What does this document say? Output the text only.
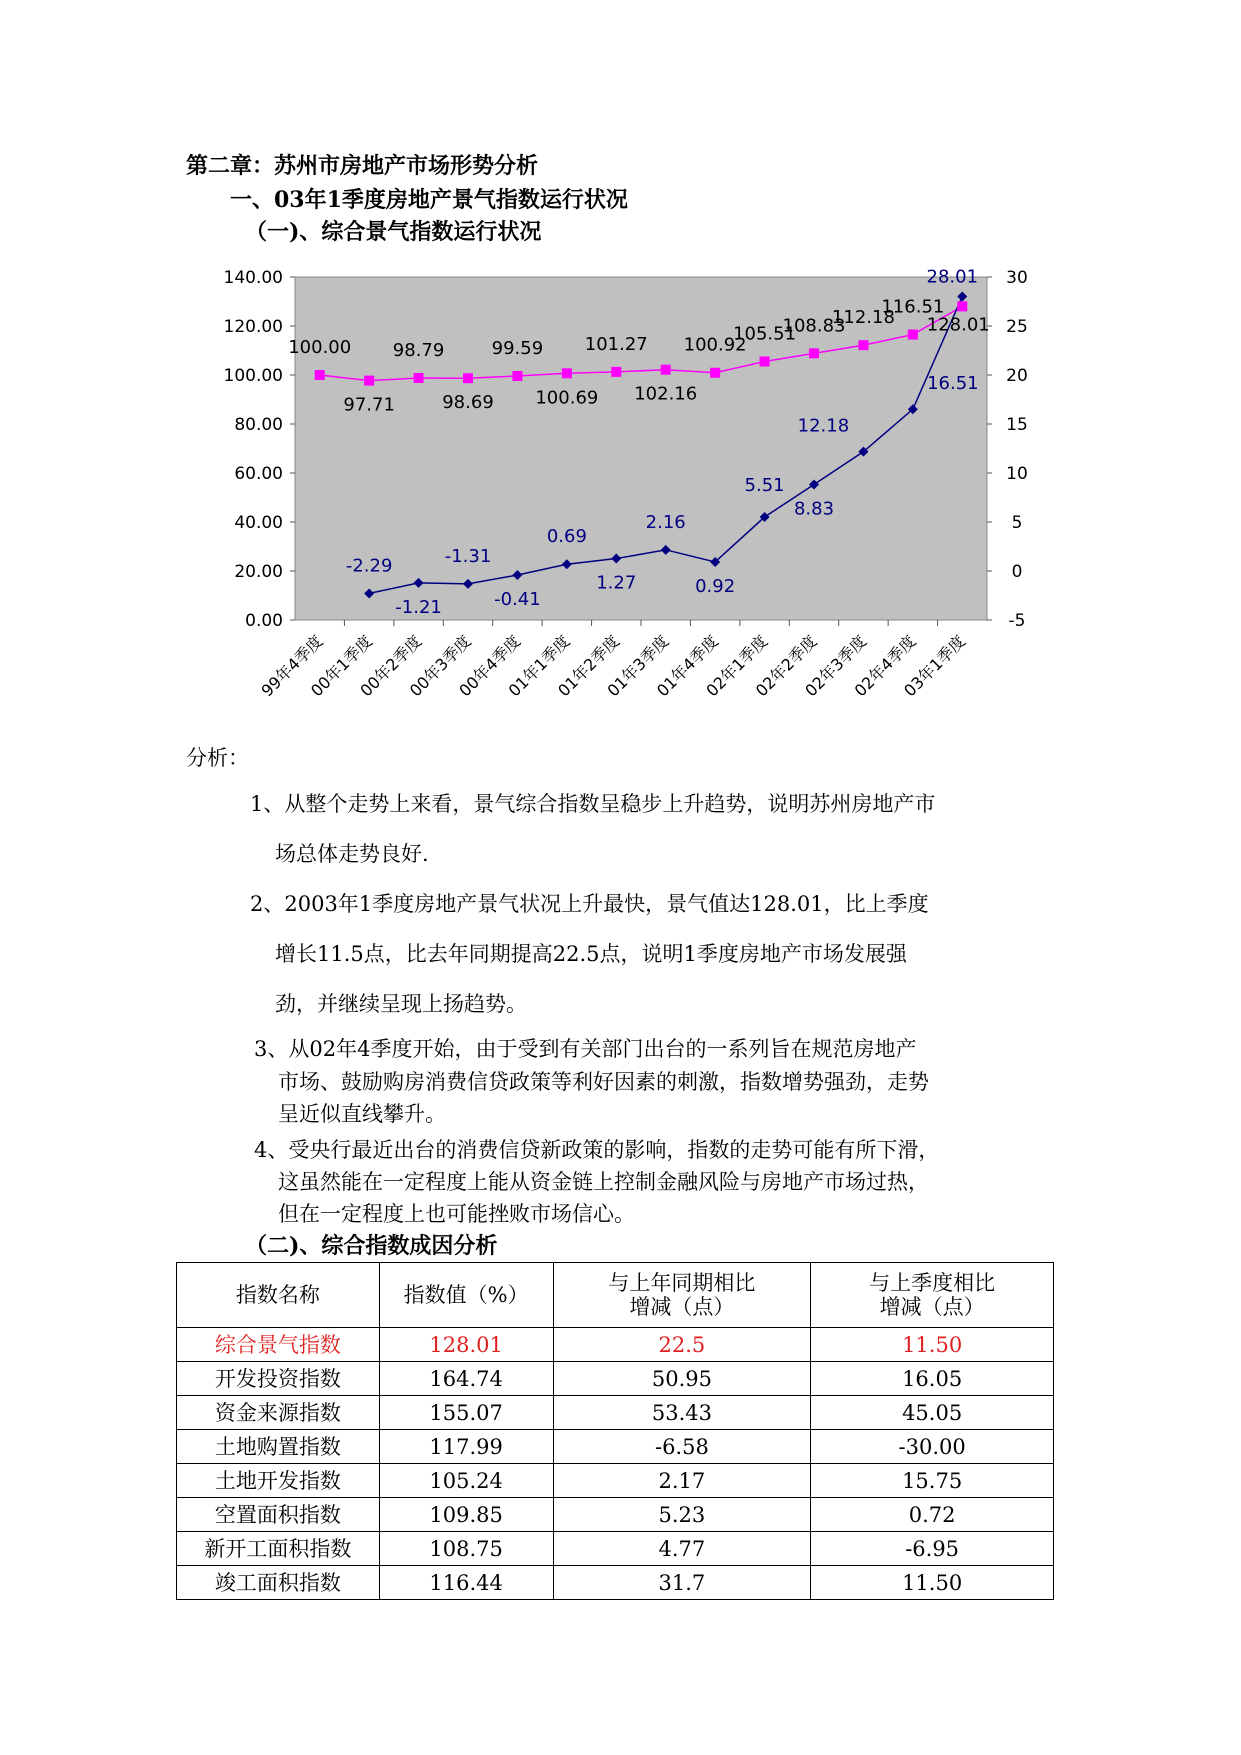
第二章：苏州市房地产市场形势分析
一、03年1季度房地产景气指数运行状况
（一)、综合景气指数运行状况
0.00
20.00
40.00
60.00
80.00
100.00
120.00
140.00
-5
0
5
10
15
20
25
30
99年4季度
00年1季度
00年2季度
00年3季度
00年4季度
01年1季度
01年2季度
01年3季度
01年4季度
02年1季度
02年2季度
02年3季度
02年4季度
03年1季度
100.00
97.71
98.79
98.69
99.59
100.69
101.27
102.16
100.92
105.51
108.83
112.18
116.51
128.01
-2.29
-1.21
-1.31
-0.41
0.69
1.27
2.16
0.92
5.51
8.83
12.18
16.51
28.01
分析：
1、从整个走势上来看，景气综合指数呈稳步上升趋势，说明苏州房地产市
场总体走势良好.
2、2003年1季度房地产景气状况上升最快，景气值达128.01，比上季度
增长11.5点，比去年同期提高22.5点，说明1季度房地产市场发展强
劲，并继续呈现上扬趋势。
3、从02年4季度开始，由于受到有关部门出台的一系列旨在规范房地产
市场、鼓励购房消费信贷政策等利好因素的刺激，指数增势强劲，走势
呈近似直线攀升。
4、受央行最近出台的消费信贷新政策的影响，指数的走势可能有所下滑，
这虽然能在一定程度上能从资金链上控制金融风险与房地产市场过热，
但在一定程度上也可能挫败市场信心。
（二)、综合指数成因分析
指数名称	指数值（%）	与上年同期相比
增减（点）	与上季度相比
增减（点）
综合景气指数	128.01	22.5	11.50
开发投资指数	164.74	50.95	16.05
资金来源指数	155.07	53.43	45.05
土地购置指数	117.99	-6.58	-30.00
土地开发指数	105.24	2.17	15.75
空置面积指数	109.85	5.23	0.72
新开工面积指数	108.75	4.77	-6.95
竣工面积指数	116.44	31.7	11.50
